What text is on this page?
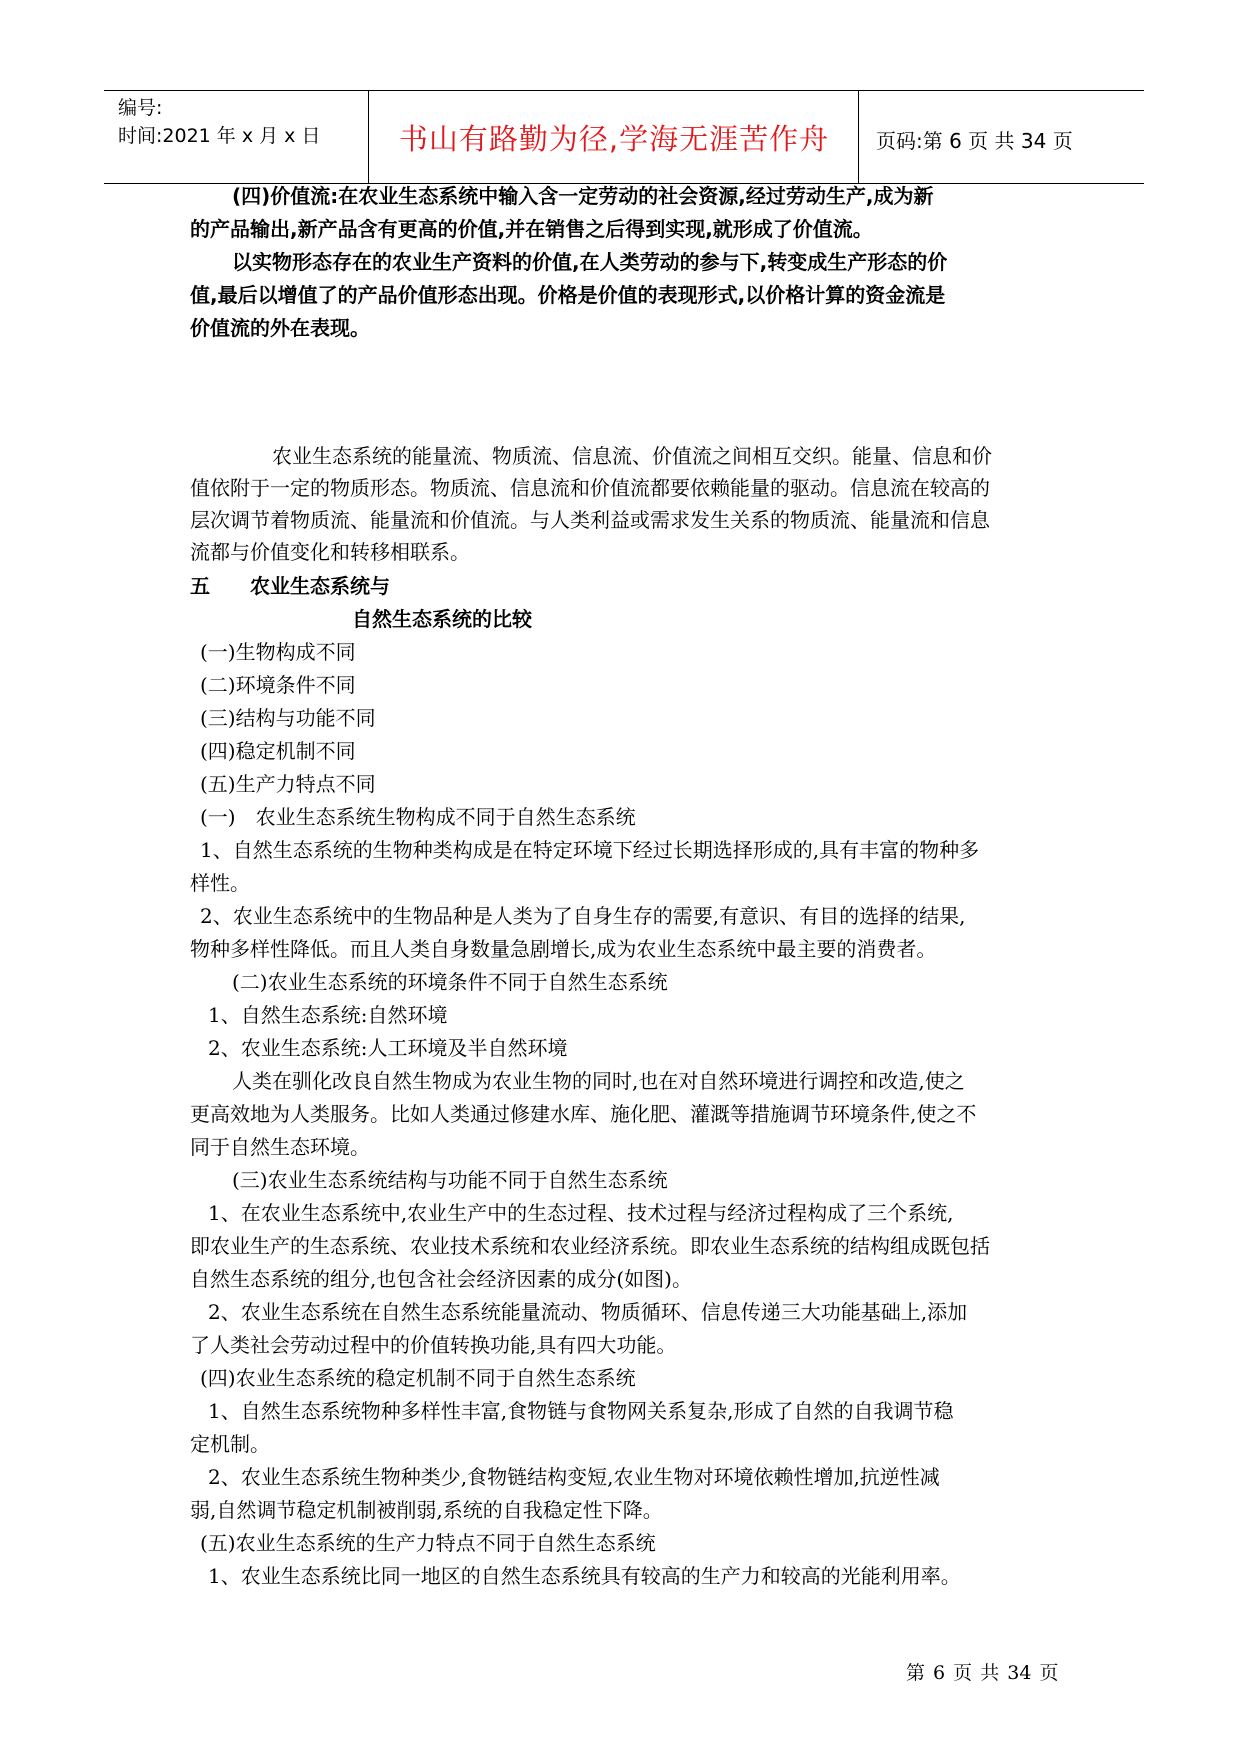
编号:
时间:2021 年 x 月 x 日	书山有路勤为径,学海无涯苦作舟	页码:第 6 页 共 34 页
(四)价值流:在农业生态系统中输入含一定劳动的社会资源,经过劳动生产,成为新
的产品输出,新产品含有更高的价值,并在销售之后得到实现,就形成了价值流。
以实物形态存在的农业生产资料的价值,在人类劳动的参与下,转变成生产形态的价
值,最后以增值了的产品价值形态出现。价格是价值的表现形式,以价格计算的资金流是
价值流的外在表现。
农业生态系统的能量流、物质流、信息流、价值流之间相互交织。能量、信息和价
值依附于一定的物质形态。物质流、信息流和价值流都要依赖能量的驱动。信息流在较高的
层次调节着物质流、能量流和价值流。与人类利益或需求发生关系的物质流、能量流和信息
流都与价值变化和转移相联系。
五　　农业生态系统与
自然生态系统的比较
(一)生物构成不同
(二)环境条件不同
(三)结构与功能不同
(四)稳定机制不同
(五)生产力特点不同
(一)　农业生态系统生物构成不同于自然生态系统
1、自然生态系统的生物种类构成是在特定环境下经过长期选择形成的,具有丰富的物种多
样性。
2、农业生态系统中的生物品种是人类为了自身生存的需要,有意识、有目的选择的结果,
物种多样性降低。而且人类自身数量急剧增长,成为农业生态系统中最主要的消费者。
(二)农业生态系统的环境条件不同于自然生态系统
1、自然生态系统:自然环境
2、农业生态系统:人工环境及半自然环境
人类在驯化改良自然生物成为农业生物的同时,也在对自然环境进行调控和改造,使之
更高效地为人类服务。比如人类通过修建水库、施化肥、灌溉等措施调节环境条件,使之不
同于自然生态环境。
(三)农业生态系统结构与功能不同于自然生态系统
1、在农业生态系统中,农业生产中的生态过程、技术过程与经济过程构成了三个系统,
即农业生产的生态系统、农业技术系统和农业经济系统。即农业生态系统的结构组成既包括
自然生态系统的组分,也包含社会经济因素的成分(如图)。
2、农业生态系统在自然生态系统能量流动、物质循环、信息传递三大功能基础上,添加
了人类社会劳动过程中的价值转换功能,具有四大功能。
(四)农业生态系统的稳定机制不同于自然生态系统
1、自然生态系统物种多样性丰富,食物链与食物网关系复杂,形成了自然的自我调节稳
定机制。
2、农业生态系统生物种类少,食物链结构变短,农业生物对环境依赖性增加,抗逆性减
弱,自然调节稳定机制被削弱,系统的自我稳定性下降。
(五)农业生态系统的生产力特点不同于自然生态系统
1、农业生态系统比同一地区的自然生态系统具有较高的生产力和较高的光能利用率。
第 6 页 共 34 页
